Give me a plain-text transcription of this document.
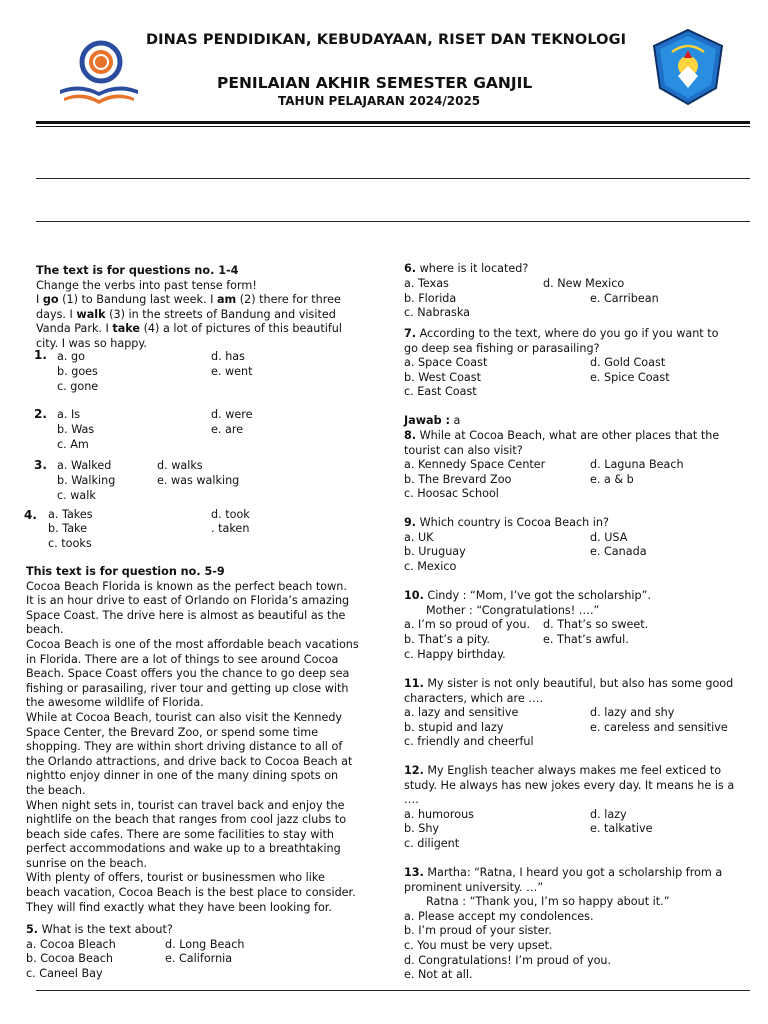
DINAS PENDIDIKAN, KEBUDAYAAN, RISET DAN TEKNOLOGI
PENILAIAN AKHIR SEMESTER GANJIL
TAHUN PELAJARAN 2024/2025

The text is for questions no. 1-4

Change the verbs into past tense form!

I go (1) to Bandung last week. I am (2) there for three

days. I walk (3) in the streets of Bandung and visited

Vanda Park. I take (4) a lot of pictures of this beautiful

city. I was so happy.

1. a. go
b. goes
c. gone
d. has
e. went
2. a. Is
b. Was
c. Am
d. were
e. are
3. a. Walked
b. Walking
c. walk
d. walks
e. was walking
4. a. Takes
b. Take
c. tooks
d. took
. taken

This text is for question no. 5-9

Cocoa Beach Florida is known as the perfect beach town.

It is an hour drive to east of Orlando on Florida’s amazing

Space Coast. The drive here is almost as beautiful as the

beach.

Cocoa Beach is one of the most affordable beach vacations

in Florida. There are a lot of things to see around Cocoa

Beach. Space Coast offers you the chance to go deep sea

fishing or parasailing, river tour and getting up close with

the awesome wildlife of Florida.

While at Cocoa Beach, tourist can also visit the Kennedy

Space Center, the Brevard Zoo, or spend some time

shopping. They are within short driving distance to all of

the Orlando attractions, and drive back to Cocoa Beach at

nightto enjoy dinner in one of the many dining spots on

the beach.

When night sets in, tourist can travel back and enjoy the

nightlife on the beach that ranges from cool jazz clubs to

beach side cafes. There are some facilities to stay with

perfect accommodations and wake up to a breathtaking

sunrise on the beach.

With plenty of offers, tourist or businessmen who like

beach vacation, Cocoa Beach is the best place to consider.

They will find exactly what they have been looking for.

5. What is the text about?
a. Cocoa Bleach
b. Cocoa Beach
c. Caneel Bay
d. Long Beach
e. California
6. where is it located?
a. Texas
b. Florida
c. Nabraska
d. New Mexico
e. Carribean

7. According to the text, where do you go if you want to

go deep sea fishing or parasailing?

a. Space Coast
b. West Coast
c. East Coast
d. Gold Coast
e. Spice Coast
Jawab : a

8. While at Cocoa Beach, what are other places that the

tourist can also visit?

a. Kennedy Space Center
b. The Brevard Zoo
c. Hoosac School
d. Laguna Beach
e. a & b
9. Which country is Cocoa Beach in?
a. UK
b. Uruguay
c. Mexico
d. USA
e. Canada

10. Cindy : “Mom, I’ve got the scholarship”.

Mother : “Congratulations! ….”

a. I’m so proud of you.
b. That’s a pity.
c. Happy birthday.
d. That’s so sweet.
e. That’s awful.

11. My sister is not only beautiful, but also has some good

characters, which are ….

a. lazy and sensitive
b. stupid and lazy
c. friendly and cheerful
d. lazy and shy
e. careless and sensitive

12. My English teacher always makes me feel exticed to

study. He always has new jokes every day. It means he is a

….

a. humorous
b. Shy
c. diligent
d. lazy
e. talkative

13. Martha: “Ratna, I heard you got a scholarship from a

prominent university. …”

Ratna : “Thank you, I’m so happy about it.”

a. Please accept my condolences.
b. I’m proud of your sister.
c. You must be very upset.
d. Congratulations! I’m proud of you.
e. Not at all.
